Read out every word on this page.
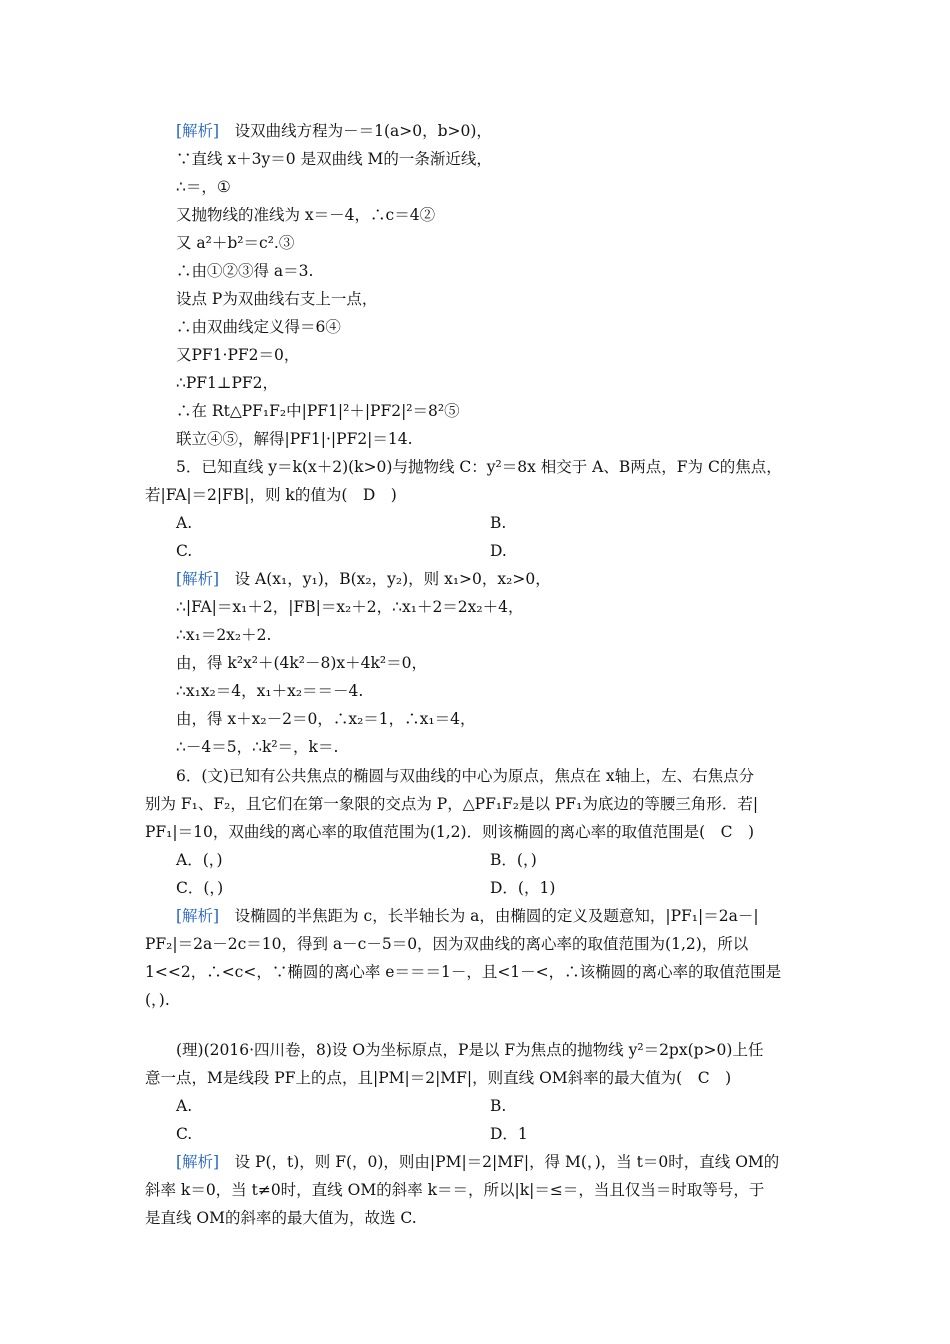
[解析]　设双曲线方程为－＝1(a>0，b>0)，
∵直线 x＋3y＝0 是双曲线 M的一条渐近线，
∴＝，①
又抛物线的准线为 x＝－4，∴c＝4②
又 a²＋b²＝c².③
∴由①②③得 a＝3.
设点 P为双曲线右支上一点，
∴由双曲线定义得＝6④
又PF1·PF2＝0，
∴PF1⊥PF2，
∴在 Rt△PF₁F₂中|PF1|²＋|PF2|²＝8²⑤
联立④⑤，解得|PF1|·|PF2|＝14.
5．已知直线 y＝k(x＋2)(k>0)与抛物线 C：y²＝8x 相交于 A、B两点，F为 C的焦点，
若|FA|＝2|FB|，则 k的值为(　D　)
A.	B.
C.	D.
[解析]　设 A(x₁，y₁)，B(x₂，y₂)，则 x₁>0，x₂>0，
∴|FA|＝x₁＋2，|FB|＝x₂＋2，∴x₁＋2＝2x₂＋4，
∴x₁＝2x₂＋2.
由，得 k²x²＋(4k²－8)x＋4k²＝0，
∴x₁x₂＝4，x₁＋x₂＝＝－4.
由，得 x＋x₂－2＝0，∴x₂＝1，∴x₁＝4，
∴－4＝5，∴k²＝，k＝.
6．(文)已知有公共焦点的椭圆与双曲线的中心为原点，焦点在 x轴上，左、右焦点分
别为 F₁、F₂，且它们在第一象限的交点为 P，△PF₁F₂是以 PF₁为底边的等腰三角形．若|
PF₁|＝10，双曲线的离心率的取值范围为(1,2)．则该椭圆的离心率的取值范围是(　C　)
A．(，)	B．(，)
C．(，)	D．(，1)
[解析]　设椭圆的半焦距为 c，长半轴长为 a，由椭圆的定义及题意知，|PF₁|＝2a－|
PF₂|＝2a－2c＝10，得到 a－c－5＝0，因为双曲线的离心率的取值范围为(1,2)，所以
1<<2，∴<c<，∵椭圆的离心率 e＝＝＝1－，且<1－<，∴该椭圆的离心率的取值范围是
(，).
(理)(2016·四川卷，8)设 O为坐标原点，P是以 F为焦点的抛物线 y²＝2px(p>0)上任
意一点，M是线段 PF上的点，且|PM|＝2|MF|，则直线 OM斜率的最大值为(　C　)
A.	B.
C.	D．1
[解析]　设 P(，t)，则 F(，0)，则由|PM|＝2|MF|，得 M(，)，当 t＝0时，直线 OM的
斜率 k＝0，当 t≠0时，直线 OM的斜率 k＝＝，所以|k|＝≤＝，当且仅当＝时取等号，于
是直线 OM的斜率的最大值为，故选 C.
